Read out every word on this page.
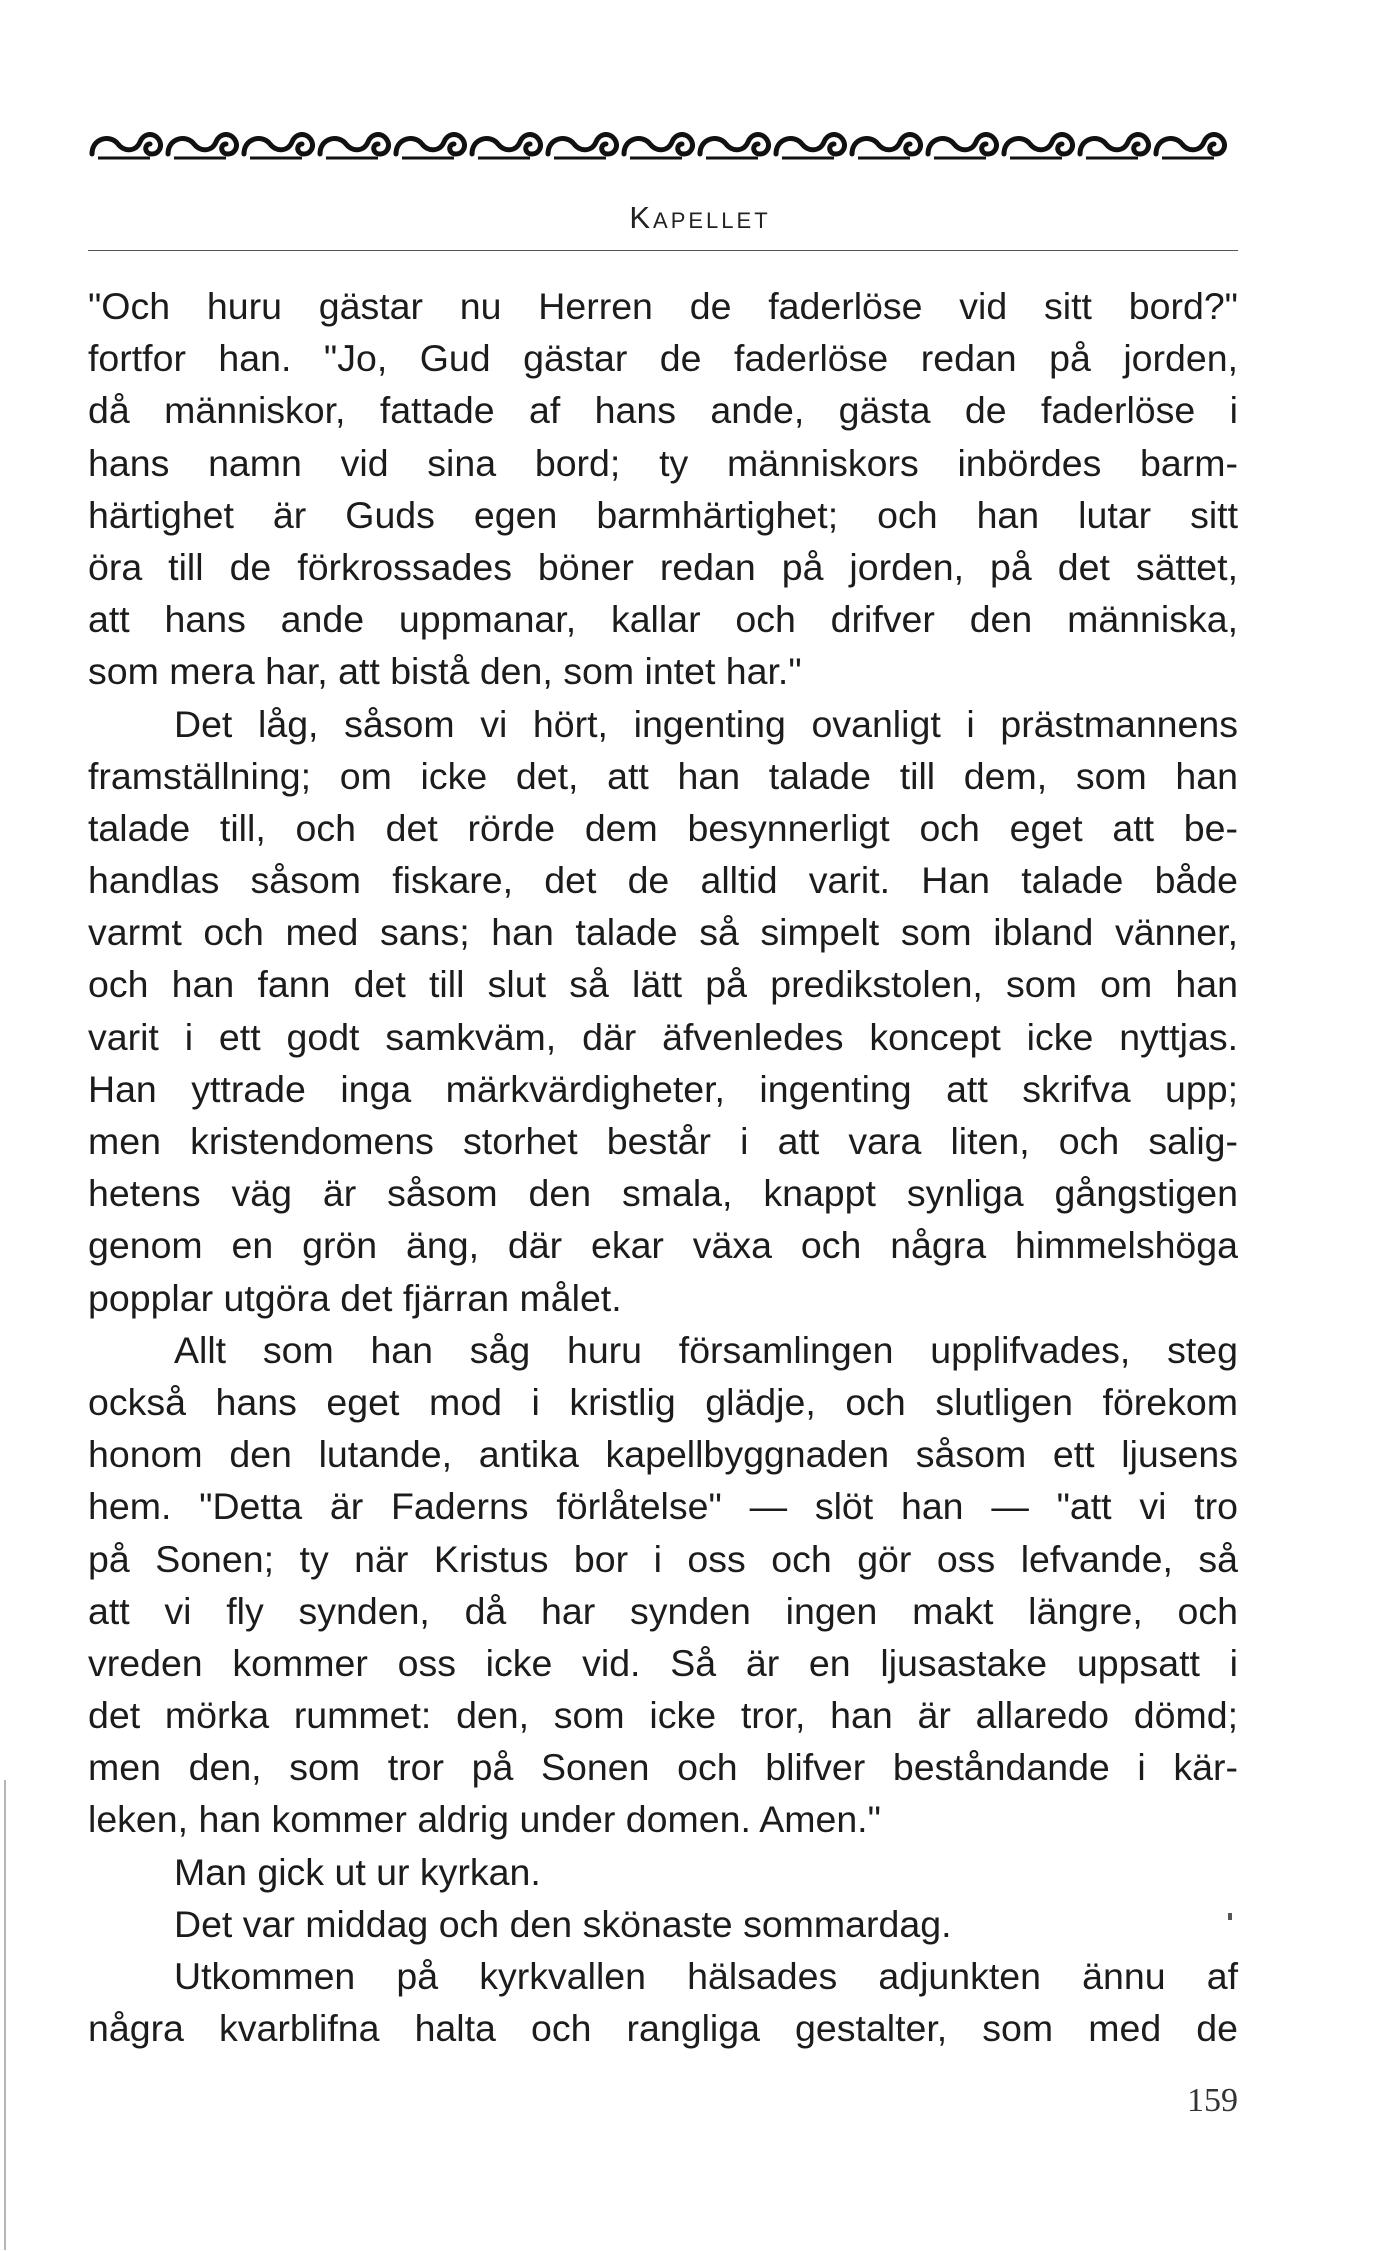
Kapellet
"Och huru gästar nu Herren de faderlöse vid sitt bord?"
fortfor han. "Jo, Gud gästar de faderlöse redan på jorden,
då människor, fattade af hans ande, gästa de faderlöse i
hans namn vid sina bord; ty människors inbördes barm-
härtighet är Guds egen barmhärtighet; och han lutar sitt
öra till de förkrossades böner redan på jorden, på det sättet,
att hans ande uppmanar, kallar och drifver den människa,
som mera har, att bistå den, som intet har."
Det låg, såsom vi hört, ingenting ovanligt i prästmannens
framställning; om icke det, att han talade till dem, som han
talade till, och det rörde dem besynnerligt och eget att be-
handlas såsom fiskare, det de alltid varit. Han talade både
varmt och med sans; han talade så simpelt som ibland vänner,
och han fann det till slut så lätt på predikstolen, som om han
varit i ett godt samkväm, där äfvenledes koncept icke nyttjas.
Han yttrade inga märkvärdigheter, ingenting att skrifva upp;
men kristendomens storhet består i att vara liten, och salig-
hetens väg är såsom den smala, knappt synliga gångstigen
genom en grön äng, där ekar växa och några himmelshöga
popplar utgöra det fjärran målet.
Allt som han såg huru församlingen upplifvades, steg
också hans eget mod i kristlig glädje, och slutligen förekom
honom den lutande, antika kapellbyggnaden såsom ett ljusens
hem. "Detta är Faderns förlåtelse" — slöt han — "att vi tro
på Sonen; ty när Kristus bor i oss och gör oss lefvande, så
att vi fly synden, då har synden ingen makt längre, och
vreden kommer oss icke vid. Så är en ljusastake uppsatt i
det mörka rummet: den, som icke tror, han är allaredo dömd;
men den, som tror på Sonen och blifver beståndande i kär-
leken, han kommer aldrig under domen. Amen."
Man gick ut ur kyrkan.
Det var middag och den skönaste sommardag.
Utkommen på kyrkvallen hälsades adjunkten ännu af
några kvarblifna halta och rangliga gestalter, som med de
159
